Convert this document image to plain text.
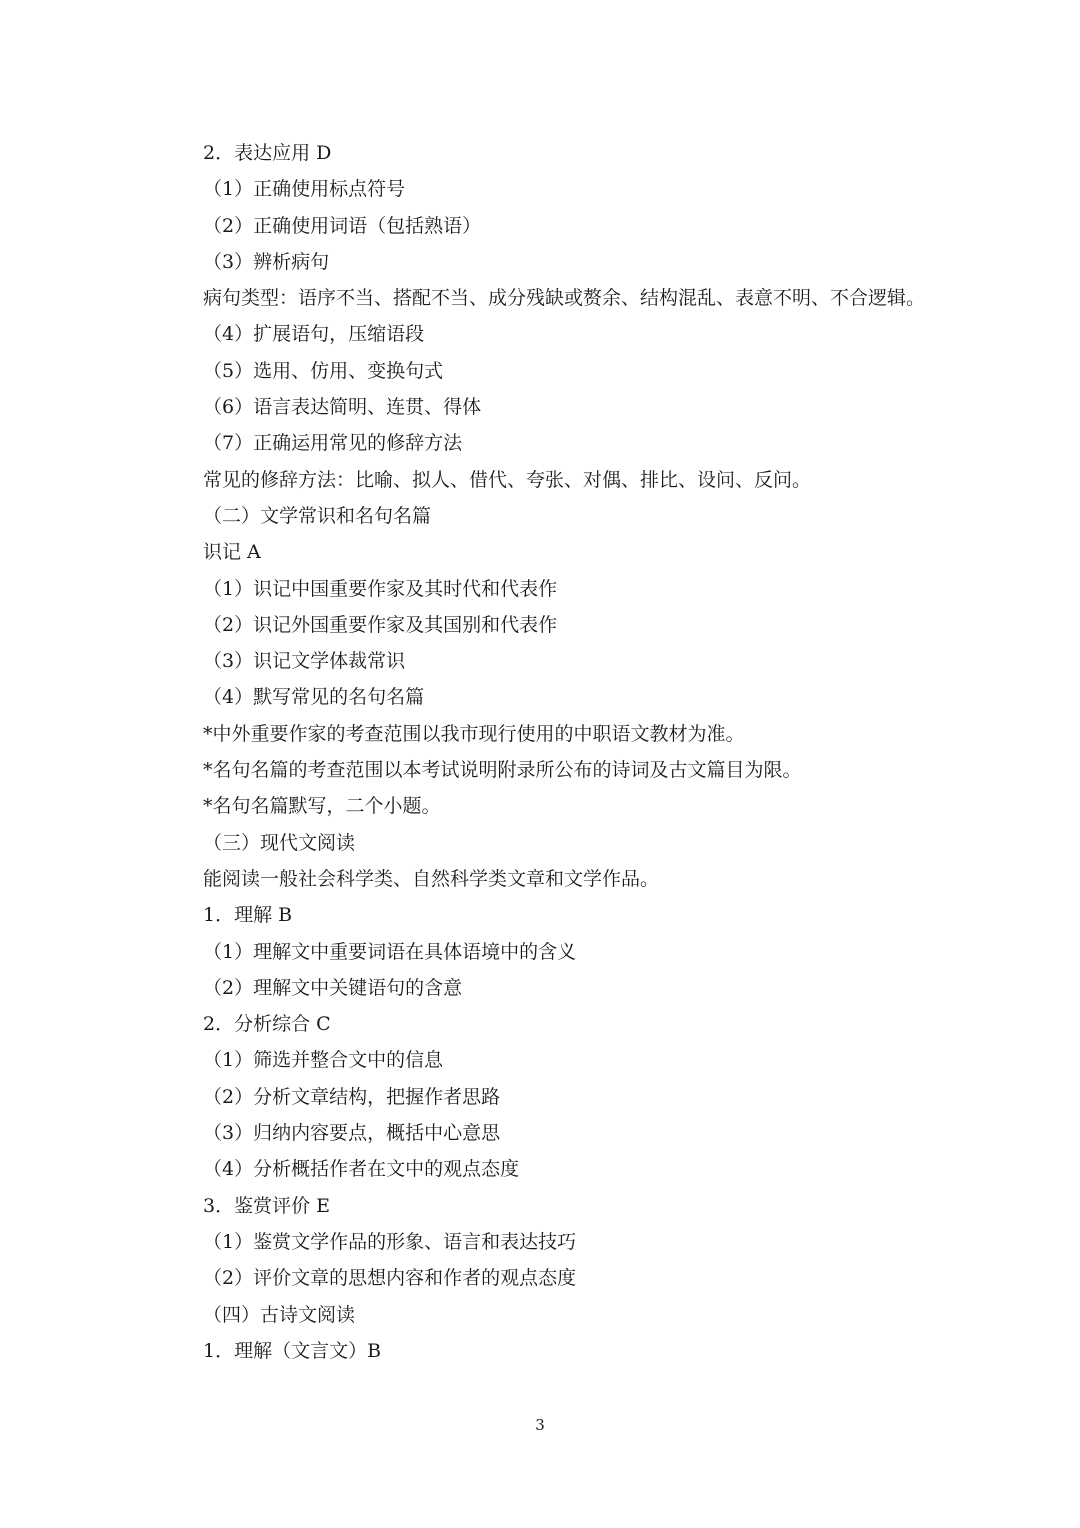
2．表达应用 D
（1）正确使用标点符号
（2）正确使用词语（包括熟语）
（3）辨析病句
病句类型：语序不当、搭配不当、成分残缺或赘余、结构混乱、表意不明、不合逻辑。
（4）扩展语句，压缩语段
（5）选用、仿用、变换句式
（6）语言表达简明、连贯、得体
（7）正确运用常见的修辞方法
常见的修辞方法：比喻、拟人、借代、夸张、对偶、排比、设问、反问。
（二）文学常识和名句名篇
识记 A
（1）识记中国重要作家及其时代和代表作
（2）识记外国重要作家及其国别和代表作
（3）识记文学体裁常识
（4）默写常见的名句名篇
*中外重要作家的考查范围以我市现行使用的中职语文教材为准。
*名句名篇的考查范围以本考试说明附录所公布的诗词及古文篇目为限。
*名句名篇默写，二个小题。
（三）现代文阅读
能阅读一般社会科学类、自然科学类文章和文学作品。
1．理解 B
（1）理解文中重要词语在具体语境中的含义
（2）理解文中关键语句的含意
2．分析综合 C
（1）筛选并整合文中的信息
（2）分析文章结构，把握作者思路
（3）归纳内容要点，概括中心意思
（4）分析概括作者在文中的观点态度
3．鉴赏评价 E
（1）鉴赏文学作品的形象、语言和表达技巧
（2）评价文章的思想内容和作者的观点态度
（四）古诗文阅读
1．理解（文言文）B
3
